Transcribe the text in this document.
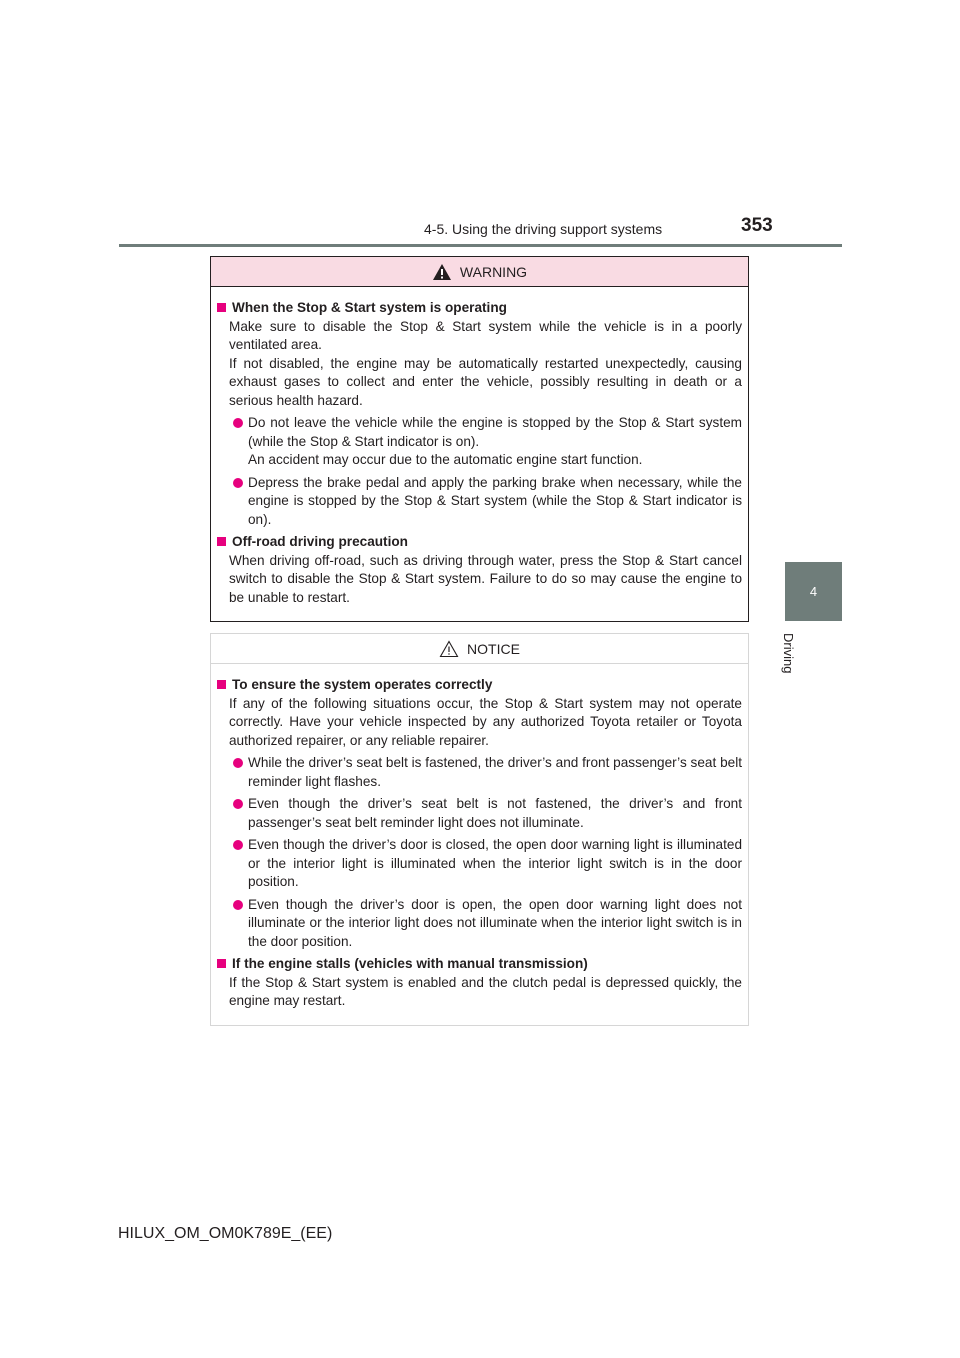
4-5. Using the driving support systems	353
4
Driving
WARNING
When the Stop & Start system is operating
Make sure to disable the Stop & Start system while the vehicle is in a poorly ventilated area.
If not disabled, the engine may be automatically restarted unexpectedly, causing exhaust gases to collect and enter the vehicle, possibly resulting in death or a serious health hazard.
Do not leave the vehicle while the engine is stopped by the Stop & Start system (while the Stop & Start indicator is on).
An accident may occur due to the automatic engine start function.
Depress the brake pedal and apply the parking brake when necessary, while the engine is stopped by the Stop & Start system (while the Stop & Start indicator is on).
Off-road driving precaution
When driving off-road, such as driving through water, press the Stop & Start cancel switch to disable the Stop & Start system. Failure to do so may cause the engine to be unable to restart.
NOTICE
To ensure the system operates correctly
If any of the following situations occur, the Stop & Start system may not operate correctly. Have your vehicle inspected by any authorized Toyota retailer or Toyota authorized repairer, or any reliable repairer.
While the driver’s seat belt is fastened, the driver’s and front passenger’s seat belt reminder light flashes.
Even though the driver’s seat belt is not fastened, the driver’s and front passenger’s seat belt reminder light does not illuminate.
Even though the driver’s door is closed, the open door warning light is illuminated or the interior light is illuminated when the interior light switch is in the door position.
Even though the driver’s door is open, the open door warning light does not illuminate or the interior light does not illuminate when the interior light switch is in the door position.
If the engine stalls (vehicles with manual transmission)
If the Stop & Start system is enabled and the clutch pedal is depressed quickly, the engine may restart.
HILUX_OM_OM0K789E_(EE)
